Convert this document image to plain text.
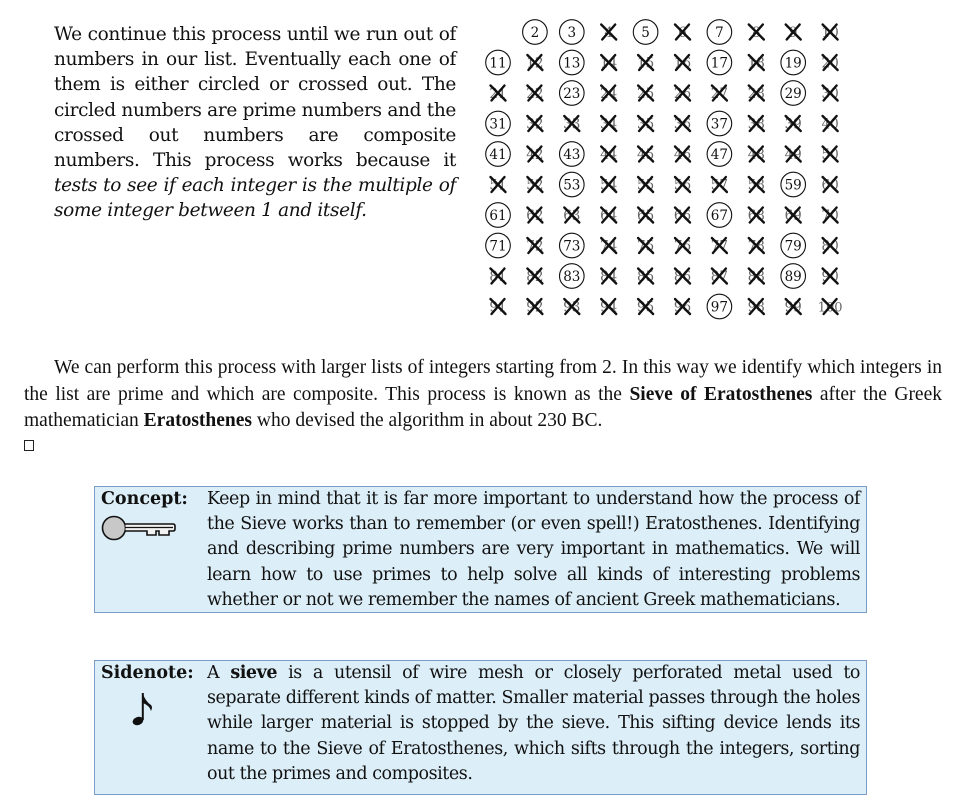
We continue this process until we run out of numbers in our list. Eventually each one of them is either circled or crossed out. The circled numbers are prime numbers and the crossed out numbers are composite numbers. This process works because it tests to see if each integer is the multiple of some integer between 1 and itself.
2 3 4 5 6 7 8 9 10
11 12 13 14 15 16 17 18 19 20
21 22 23 24 25 26 27 28 29 30
31 32 33 34 35 36 37 38 39 40
41 42 43 44 45 46 47 48 49 50
51 52 53 54 55 56 57 58 59 60
61 62 63 64 65 66 67 68 69 70
71 72 73 74 75 76 77 78 79 80
81 82 83 84 85 86 87 88 89 90
91 92 93 94 95 96 97 98 99 100
We can perform this process with larger lists of integers starting from 2. In this way we identify which integers in the list are prime and which are composite. This process is known as the Sieve of Eratosthenes after the Greek mathematician Eratosthenes who devised the algorithm in about 230 BC.
Concept: Keep in mind that it is far more important to understand how the process of the Sieve works than to remember (or even spell!) Eratosthenes. Identifying and describing prime numbers are very important in mathematics. We will learn how to use primes to help solve all kinds of interesting problems whether or not we remember the names of ancient Greek mathematicians.
Sidenote: A sieve is a utensil of wire mesh or closely perforated metal used to separate different kinds of matter. Smaller material passes through the holes while larger material is stopped by the sieve. This sifting device lends its name to the Sieve of Eratosthenes, which sifts through the integers, sorting out the primes and composites.
